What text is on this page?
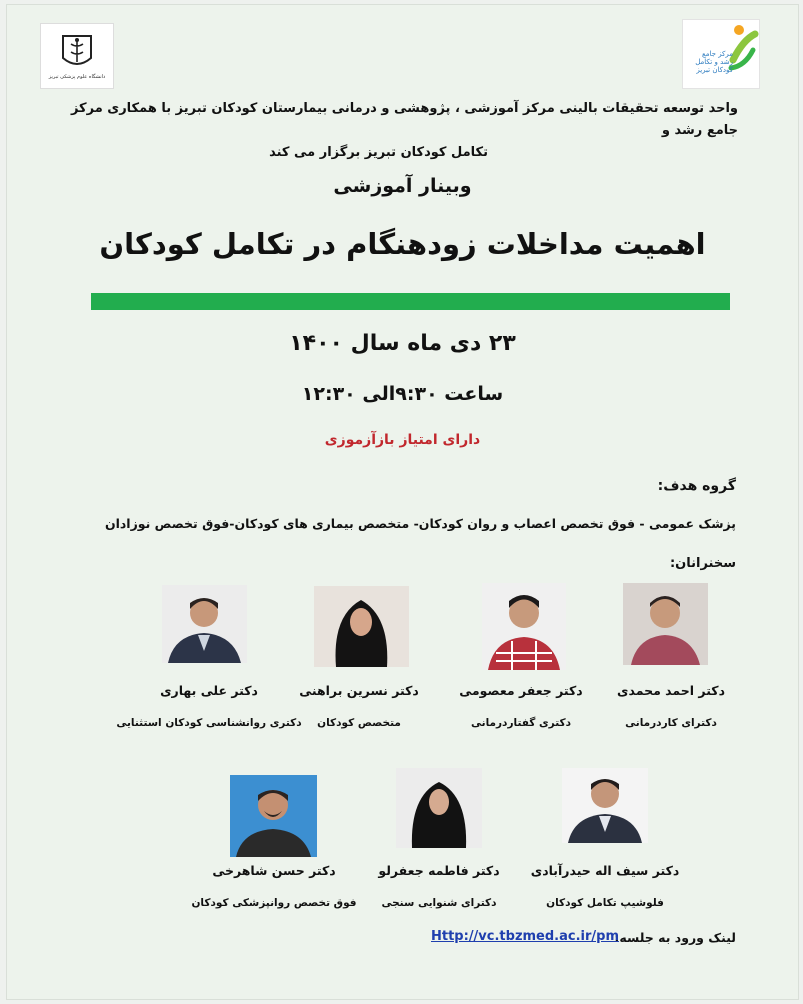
دانشگاه علوم پزشکی تبریز
مرکز جامع رشد و تکامل کودکان تبریز
واحد توسعه تحقیقات بالینی مرکز آموزشی ، پژوهشی و درمانی بیمارستان کودکان تبریز با همکاری مرکز جامع رشد و
تکامل کودکان تبریز برگزار می کند
وبینار آموزشی
اهمیت مداخلات زودهنگام در تکامل کودکان
۲۳ دی ماه سال ۱۴۰۰
ساعت ۹:۳۰الی ۱۲:۳۰
دارای امتیاز بازآزموزی
گروه هدف:
پزشک عمومی - فوق تخصص اعصاب و روان کودکان- متخصص بیماری های کودکان-فوق تخصص نوزادان
سخنرانان:
دکتر احمد محمدی
دکترای کاردرمانی
دکتر جعفر معصومی
دکتری گفتاردرمانی
دکتر نسرین براهنی
متخصص کودکان
دکتر علی بهاری
دکتری روانشناسی کودکان استثنایی
دکتر سیف اله حیدرآبادی
فلوشیپ تکامل کودکان
دکتر فاطمه جعفرلو
دکترای شنوایی سنجی
دکتر حسن شاهرخی
فوق تخصص روانپزشکی کودکان
لینک ورود به جلسه:
Http://vc.tbzmed.ac.ir/pm
